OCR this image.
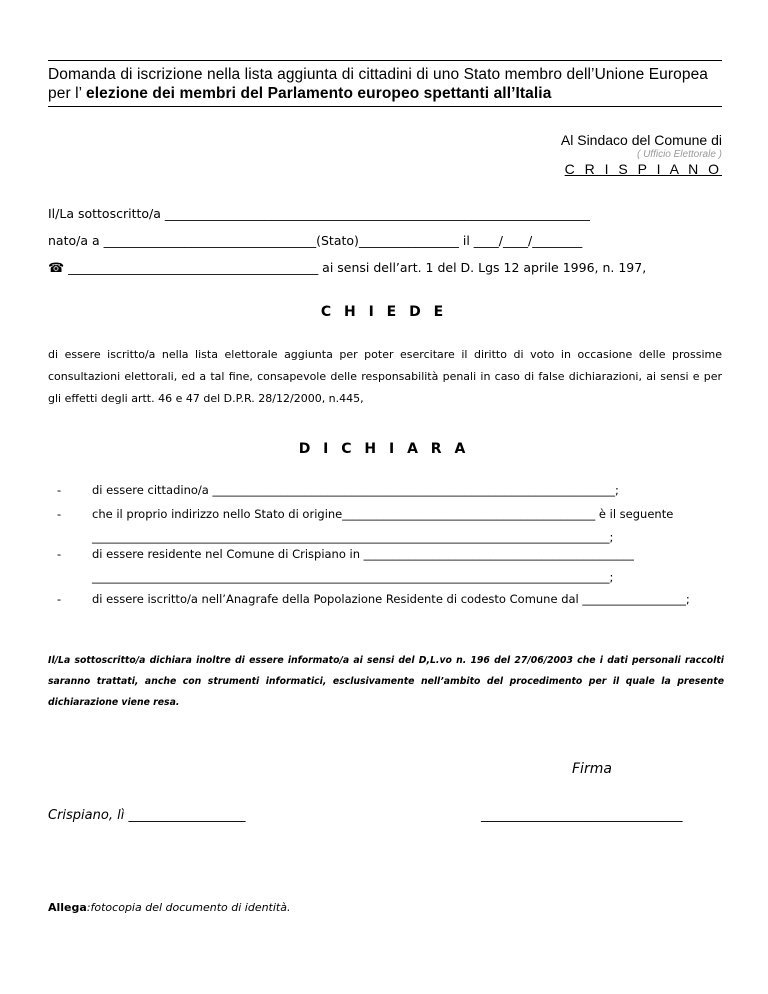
Domanda di iscrizione nella lista aggiunta di cittadini di uno Stato membro dell’Unione Europea per l’ elezione dei membri del Parlamento europeo spettanti all’Italia
Al Sindaco del Comune di
( Ufficio Elettorale )
C R I S P I A N O
Il/La sottoscritto/a ____________________________________________________________________
nato/a a __________________________________(Stato)________________ il ____/____/________
☎ ________________________________________ ai sensi dell’art. 1 del D. Lgs 12 aprile 1996, n. 197,
C H I E D E
di essere iscritto/a nella lista elettorale aggiunta per poter esercitare il diritto di voto in occasione delle prossime consultazioni elettorali, ed a tal fine, consapevole delle responsabilità penali in caso di false dichiarazioni, ai sensi e per gli effetti degli artt. 46 e 47 del D.P.R. 28/12/2000, n.445,
D I C H I A R A
-	di essere cittadino/a ______________________________________________________________________;
-	che il proprio indirizzo nello Stato di origine____________________________________________ è il seguente
__________________________________________________________________________________________;
-	di essere residente nel Comune di Crispiano in _______________________________________________
__________________________________________________________________________________________;
-	di essere iscritto/a nell’Anagrafe della Popolazione Residente di codesto Comune dal __________________;
Il/La sottoscritto/a dichiara inoltre di essere informato/a ai sensi del D,L.vo n. 196 del 27/06/2003 che i dati personali raccolti saranno trattati, anche con strumenti informatici, esclusivamente nell’ambito del procedimento per il quale la presente dichiarazione viene resa.
Firma
Crispiano, lì __________________	_______________________________
Allega:fotocopia del documento di identità.
